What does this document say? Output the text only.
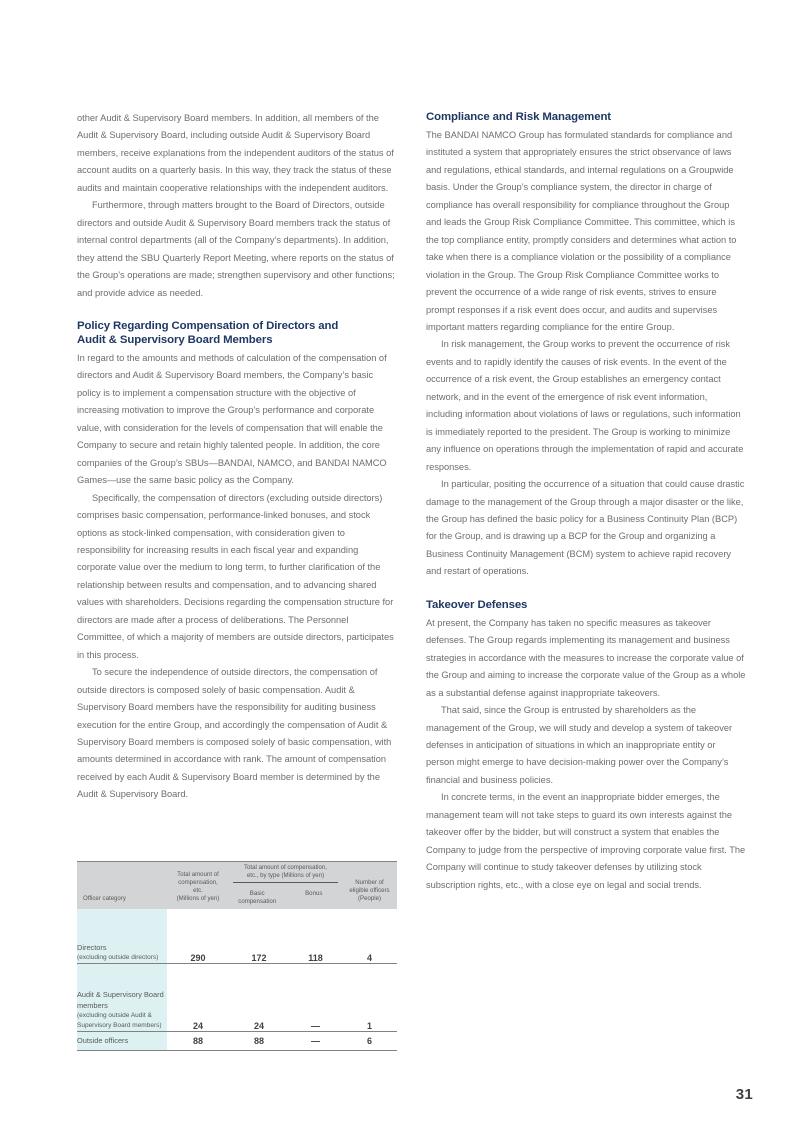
other Audit & Supervisory Board members. In addition, all members of the Audit & Supervisory Board, including outside Audit & Supervisory Board members, receive explanations from the independent auditors of the status of account audits on a quarterly basis. In this way, they track the status of these audits and maintain cooperative relationships with the independent auditors.

Furthermore, through matters brought to the Board of Directors, outside directors and outside Audit & Supervisory Board members track the status of internal control departments (all of the Company’s departments). In addition, they attend the SBU Quarterly Report Meeting, where reports on the status of the Group’s operations are made; strengthen supervisory and other functions; and provide advice as needed.

Policy Regarding Compensation of Directors and
Audit & Supervisory Board Members

In regard to the amounts and methods of calculation of the compensation of directors and Audit & Supervisory Board members, the Company’s basic policy is to implement a compensation structure with the objective of increasing motivation to improve the Group’s performance and corporate value, with consideration for the levels of compensation that will enable the Company to secure and retain highly talented people. In addition, the core companies of the Group’s SBUs—BANDAI, NAMCO, and BANDAI NAMCO Games—use the same basic policy as the Company.

Specifically, the compensation of directors (excluding outside directors) comprises basic compensation, performance-linked bonuses, and stock options as stock-linked compensation, with consideration given to responsibility for increasing results in each fiscal year and expanding corporate value over the medium to long term, to further clarification of the relationship between results and compensation, and to advancing shared values with shareholders. Decisions regarding the compensation structure for directors are made after a process of deliberations. The Personnel Committee, of which a majority of members are outside directors, participates in this process.

To secure the independence of outside directors, the compensation of outside directors is composed solely of basic compensation. Audit & Supervisory Board members have the responsibility for auditing business execution for the entire Group, and accordingly the compensation of Audit & Supervisory Board members is composed solely of basic compensation, with amounts determined in accordance with rank. The amount of compensation received by each Audit & Supervisory Board member is determined by the Audit & Supervisory Board.

Compliance and Risk Management

The BANDAI NAMCO Group has formulated standards for compliance and instituted a system that appropriately ensures the strict observance of laws and regulations, ethical standards, and internal regulations on a Groupwide basis. Under the Group’s compliance system, the director in charge of compliance has overall responsibility for compliance throughout the Group and leads the Group Risk Compliance Committee. This committee, which is the top compliance entity, promptly considers and determines what action to take when there is a compliance violation or the possibility of a compliance violation in the Group. The Group Risk Compliance Committee works to prevent the occurrence of a wide range of risk events, strives to ensure prompt responses if a risk event does occur, and audits and supervises important matters regarding compliance for the entire Group.

In risk management, the Group works to prevent the occurrence of risk events and to rapidly identify the causes of risk events. In the event of the occurrence of a risk event, the Group establishes an emergency contact network, and in the event of the emergence of risk event information, including information about violations of laws or regulations, such information is immediately reported to the president. The Group is working to minimize any influence on operations through the implementation of rapid and accurate responses.

In particular, positing the occurrence of a situation that could cause drastic damage to the management of the Group through a major disaster or the like, the Group has defined the basic policy for a Business Continuity Plan (BCP) for the Group, and is drawing up a BCP for the Group and organizing a Business Continuity Management (BCM) system to achieve rapid recovery and restart of operations.

Takeover Defenses

At present, the Company has taken no specific measures as takeover defenses. The Group regards implementing its management and business strategies in accordance with the measures to increase the corporate value of the Group and aiming to increase the corporate value of the Group as a whole as a substantial defense against inappropriate takeovers.

That said, since the Group is entrusted by shareholders as the management of the Group, we will study and develop a system of takeover defenses in anticipation of situations in which an inappropriate entity or person might emerge to have decision-making power over the Company’s financial and business policies.

In concrete terms, in the event an inappropriate bidder emerges, the management team will not take steps to guard its own interests against the takeover offer by the bidder, but will construct a system that enables the Company to judge from the perspective of improving corporate value first. The Company will continue to study takeover defenses by utilizing stock subscription rights, etc., with a close eye on legal and social trends.

Officer category

Total amount of
compensation,
etc.
(Millions of yen)

Total amount of compensation,
etc., by type (Millions of yen)
Basic
compensation
Bonus

Number of
eligible officers
(People)

Directors
(excluding outside directors)	290	172	118	4

Audit & Supervisory Board members
(excluding outside Audit & Supervisory Board members)	24	24	—	1

Outside officers	88	88	—	6
31
